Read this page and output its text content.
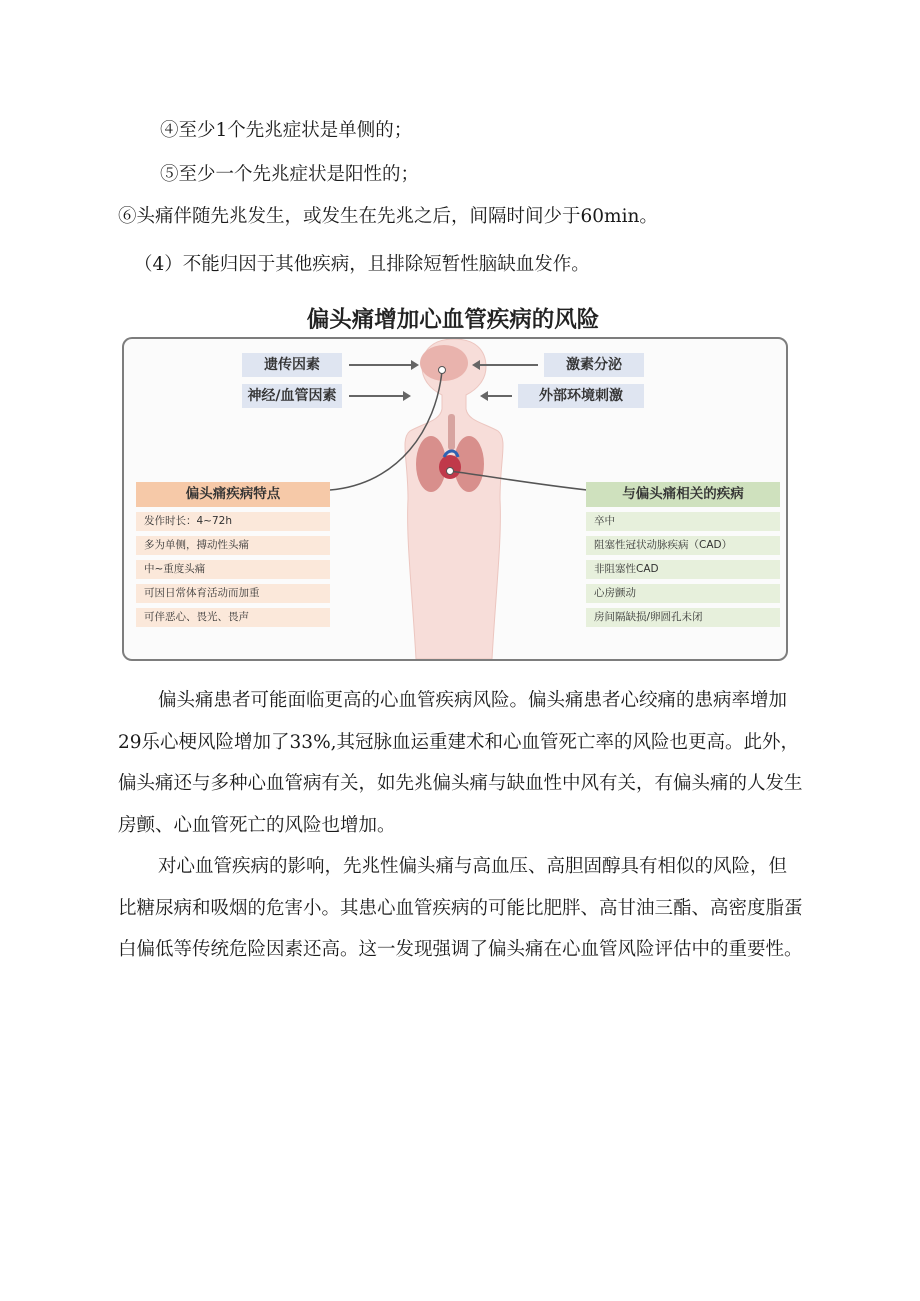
④至少1个先兆症状是单侧的；
⑤至少一个先兆症状是阳性的；
⑥头痛伴随先兆发生，或发生在先兆之后，间隔时间少于60min。
（4）不能归因于其他疾病，且排除短暂性脑缺血发作。
偏头痛增加心血管疾病的风险
遗传因素
神经/血管因素
激素分泌
外部环境刺激
偏头痛疾病特点
发作时长：4~72h
多为单侧，搏动性头痛
中~重度头痛
可因日常体育活动而加重
可伴恶心、畏光、畏声
与偏头痛相关的疾病
卒中
阻塞性冠状动脉疾病（CAD）
非阻塞性CAD
心房颤动
房间隔缺损/卵圆孔未闭
偏头痛患者可能面临更高的心血管疾病风险。偏头痛患者心绞痛的患病率增加29乐心梗风险增加了33%,其冠脉血运重建术和心血管死亡率的风险也更高。此外，偏头痛还与多种心血管病有关，如先兆偏头痛与缺血性中风有关，有偏头痛的人发生房颤、心血管死亡的风险也增加。
对心血管疾病的影响，先兆性偏头痛与高血压、高胆固醇具有相似的风险，但比糖尿病和吸烟的危害小。其患心血管疾病的可能比肥胖、高甘油三酯、高密度脂蛋白偏低等传统危险因素还高。这一发现强调了偏头痛在心血管风险评估中的重要性。
